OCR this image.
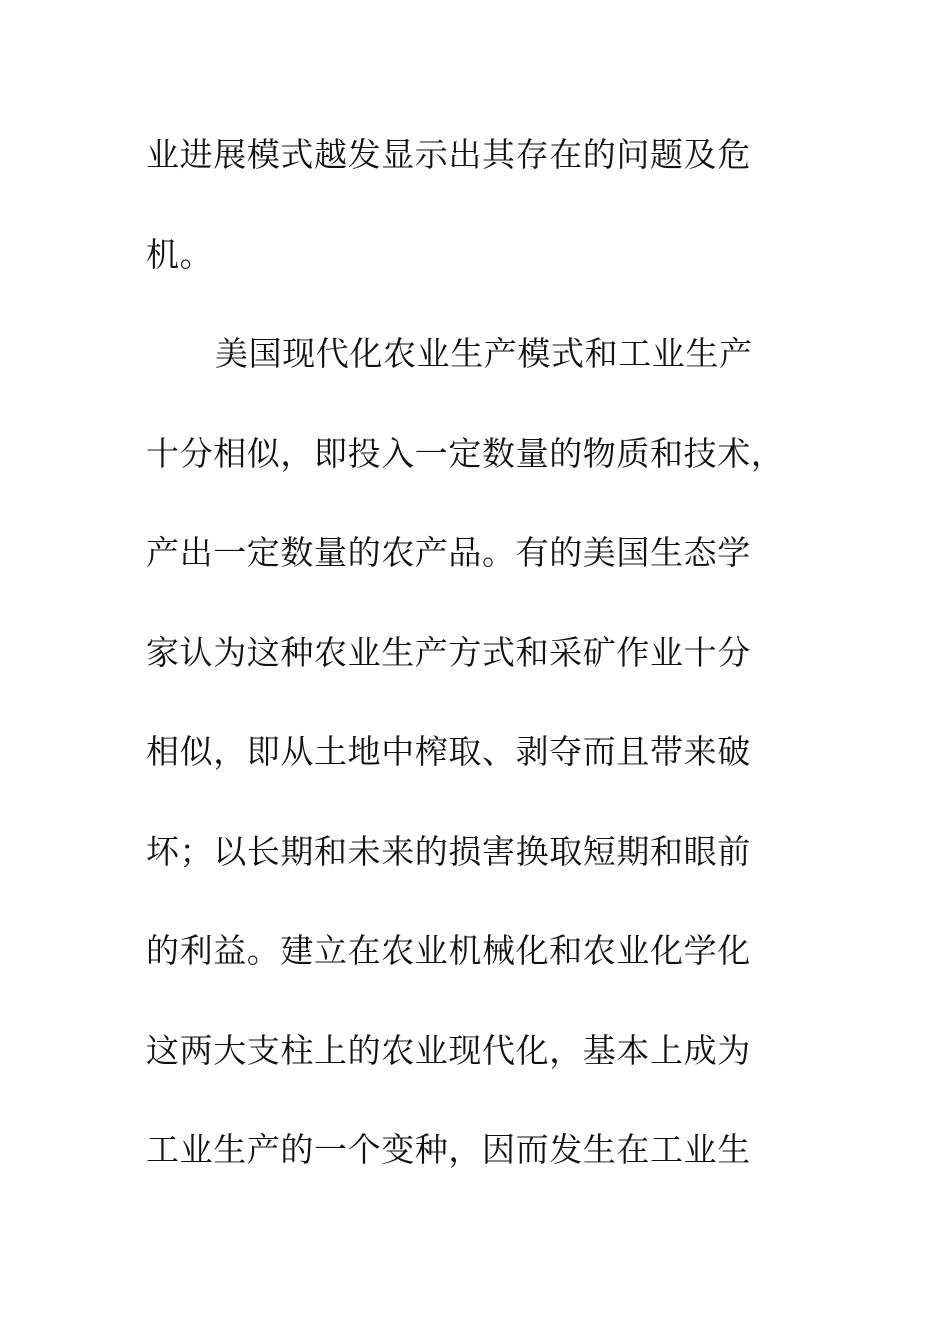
业进展模式越发显示出其存在的问题及危
机。
美国现代化农业生产模式和工业生产
十分相似，即投入一定数量的物质和技术，
产出一定数量的农产品。有的美国生态学
家认为这种农业生产方式和采矿作业十分
相似，即从土地中榨取、剥夺而且带来破
坏；以长期和未来的损害换取短期和眼前
的利益。建立在农业机械化和农业化学化
这两大支柱上的农业现代化，基本上成为
工业生产的一个变种，因而发生在工业生
